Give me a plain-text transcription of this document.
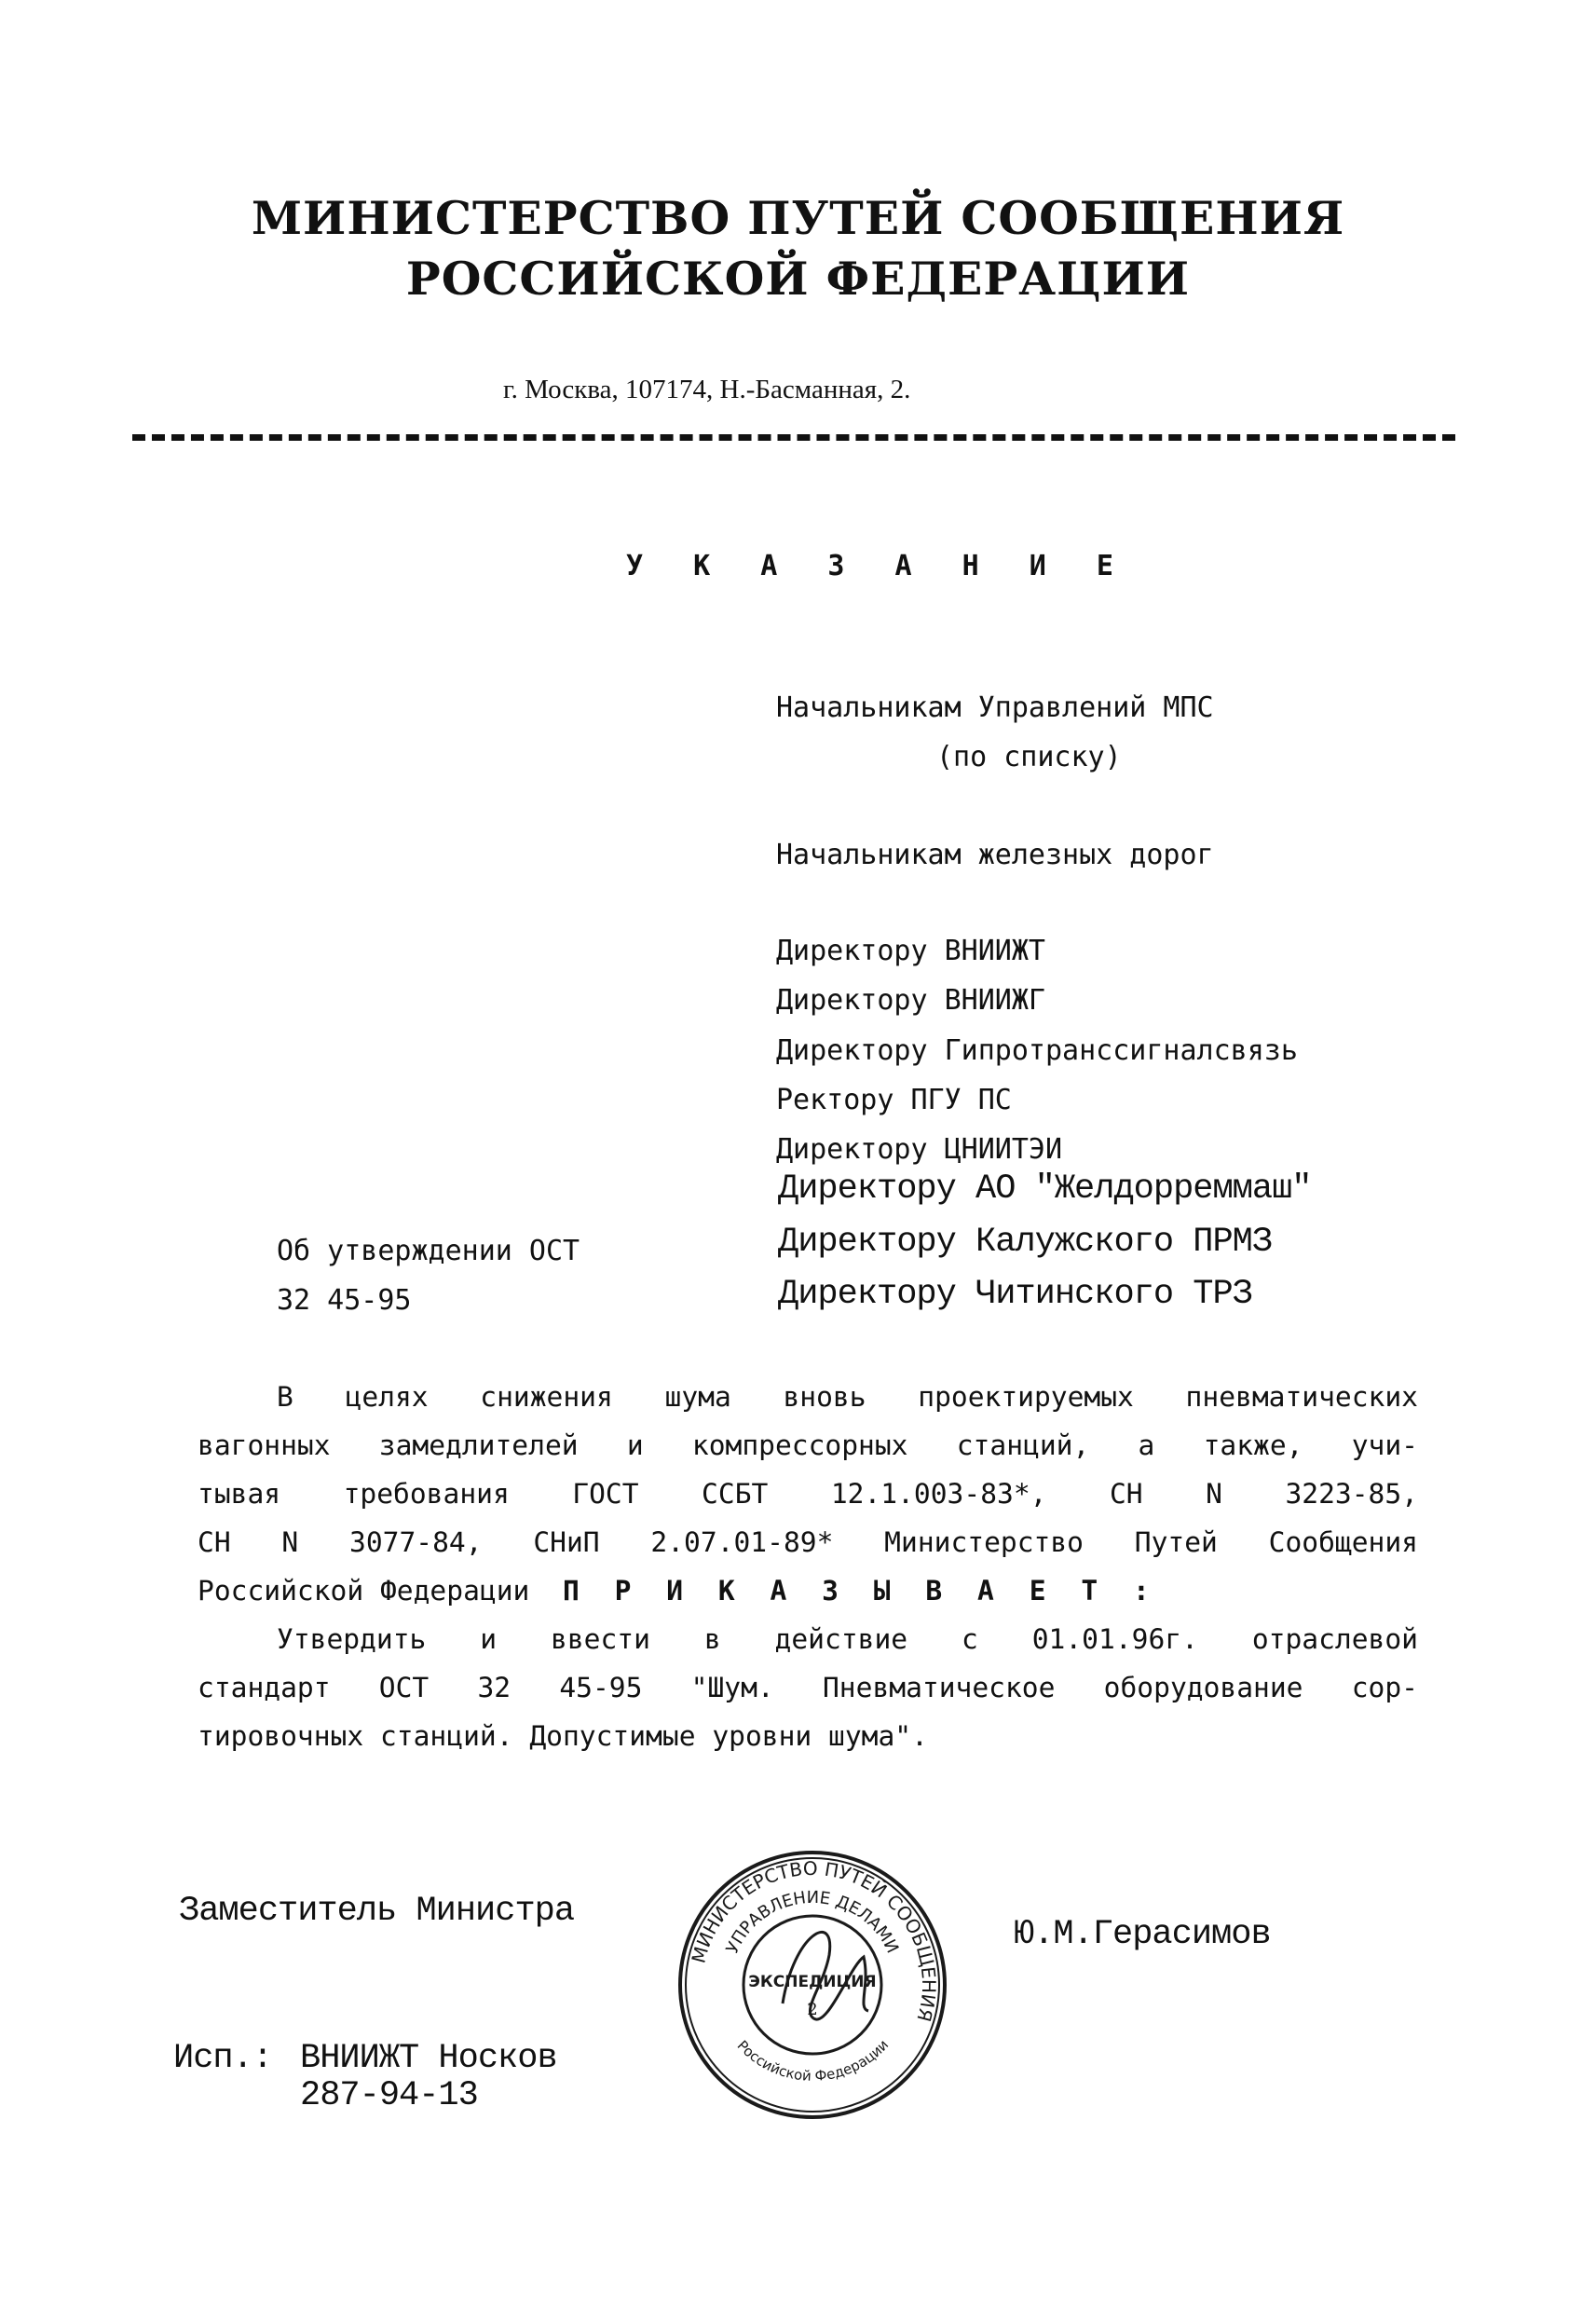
МИНИСТЕРСТВО ПУТЕЙ СООБЩЕНИЯ
РОССИЙСКОЙ ФЕДЕРАЦИИ
г. Москва, 107174, Н.-Басманная, 2.
У К А З А Н И Е
Начальникам Управлений МПС
(по списку)
Начальникам железных дорог
Директору ВНИИЖТ
Директору ВНИИЖГ
Директору Гипротранссигналсвязь
Ректору ПГУ ПС
Директору ЦНИИТЭИ
Директору АО "Желдорреммаш"
Директору Калужского ПРМЗ
Директору Читинского ТРЗ
Об утверждении ОСТ
32 45-95
В целях снижения шума вновь проектируемых пневматических
вагонных замедлителей и компрессорных станций, а также, учи-
тывая требования ГОСТ ССБТ 12.1.003-83*, СН N 3223-85,
СН N 3077-84, СНиП 2.07.01-89* Министерство Путей Сообщения
Российской Федерации П Р И К А З Ы В А Е Т :
Утвердить и ввести в действие с 01.01.96г. отраслевой
стандарт ОСТ 32 45-95 "Шум. Пневматическое оборудование сор-
тировочных станций. Допустимые уровни шума".
Заместитель Министра
Ю.М.Герасимов
МИНИСТЕРСТВО ПУТЕЙ СООБЩЕНИЯ
УПРАВЛЕНИЕ ДЕЛАМИ
Российской Федерации
ЭКСПЕДИЦИЯ
2
Исп.: ВНИИЖТ Носков
287-94-13
